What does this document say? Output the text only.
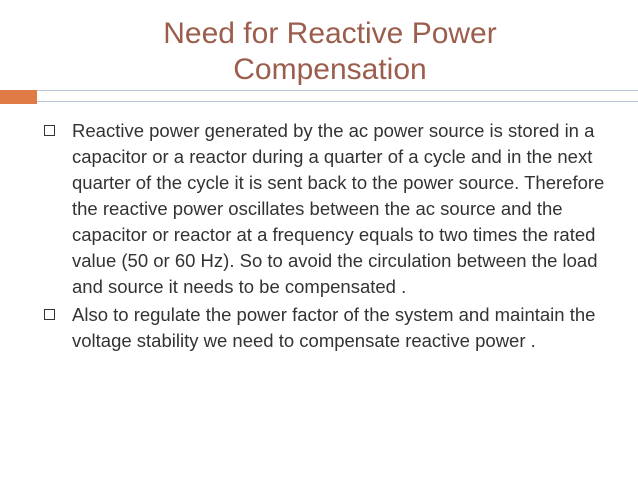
Need for Reactive Power
Compensation
Reactive power generated by the ac power source is stored in a capacitor or a reactor during a quarter of a cycle and in the next quarter of the cycle it is sent back to the power source. Therefore the reactive power oscillates between the ac source and the capacitor or reactor at a frequency equals to two times the rated value (50 or 60 Hz). So to avoid the circulation between the load and source it needs to be compensated .
Also to regulate the power factor of the system and maintain the voltage stability we need to compensate reactive power .
